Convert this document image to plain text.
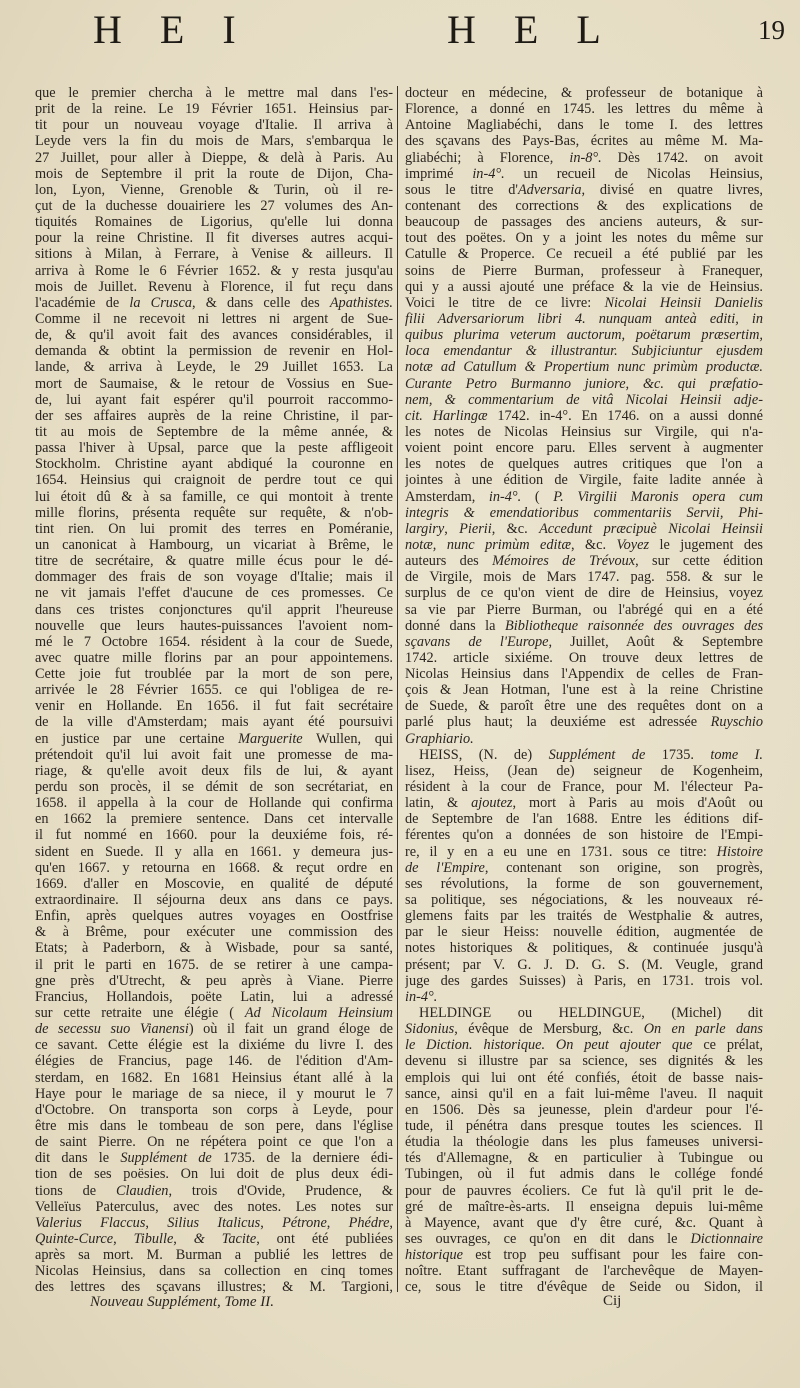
H E I	H E L	19
que le premier chercha à le mettre mal dans l'es-
prit de la reine. Le 19 Février 1651. Heinsius par-
tit pour un nouveau voyage d'Italie. Il arriva à
Leyde vers la fin du mois de Mars, s'embarqua le
27 Juillet, pour aller à Dieppe, & delà à Paris. Au
mois de Septembre il prit la route de Dijon, Cha-
lon, Lyon, Vienne, Grenoble & Turin, où il re-
çut de la duchesse douairiere les 27 volumes des An-
tiquités Romaines de Ligorius, qu'elle lui donna
pour la reine Christine. Il fit diverses autres acqui-
sitions à Milan, à Ferrare, à Venise & ailleurs. Il
arriva à Rome le 6 Février 1652. & y resta jusqu'au
mois de Juillet. Revenu à Florence, il fut reçu dans
l'académie de la Crusca, & dans celle des Apathistes.
Comme il ne recevoit ni lettres ni argent de Sue-
de, & qu'il avoit fait des avances considérables, il
demanda & obtint la permission de revenir en Hol-
lande, & arriva à Leyde, le 29 Juillet 1653. La
mort de Saumaise, & le retour de Vossius en Sue-
de, lui ayant fait espérer qu'il pourroit raccommo-
der ses affaires auprès de la reine Christine, il par-
tit au mois de Septembre de la même année, &
passa l'hiver à Upsal, parce que la peste affligeoit
Stockholm. Christine ayant abdiqué la couronne en
1654. Heinsius qui craignoit de perdre tout ce qui
lui étoit dû & à sa famille, ce qui montoit à trente
mille florins, présenta requête sur requête, & n'ob-
tint rien. On lui promit des terres en Poméranie,
un canonicat à Hambourg, un vicariat à Brême, le
titre de secrétaire, & quatre mille écus pour le dé-
dommager des frais de son voyage d'Italie; mais il
ne vit jamais l'effet d'aucune de ces promesses. Ce
dans ces tristes conjonctures qu'il apprit l'heureuse
nouvelle que leurs hautes-puissances l'avoient nom-
mé le 7 Octobre 1654. résident à la cour de Suede,
avec quatre mille florins par an pour appointemens.
Cette joie fut troublée par la mort de son pere,
arrivée le 28 Février 1655. ce qui l'obligea de re-
venir en Hollande. En 1656. il fut fait secrétaire
de la ville d'Amsterdam; mais ayant été poursuivi
en justice par une certaine Marguerite Wullen, qui
prétendoit qu'il lui avoit fait une promesse de ma-
riage, & qu'elle avoit deux fils de lui, & ayant
perdu son procès, il se démit de son secrétariat, en
1658. il appella à la cour de Hollande qui confirma
en 1662 la premiere sentence. Dans cet intervalle
il fut nommé en 1660. pour la deuxiéme fois, ré-
sident en Suede. Il y alla en 1661. y demeura jus-
qu'en 1667. y retourna en 1668. & reçut ordre en
1669. d'aller en Moscovie, en qualité de député
extraordinaire. Il séjourna deux ans dans ce pays.
Enfin, après quelques autres voyages en Oostfrise
& à Brême, pour exécuter une commission des
Etats; à Paderborn, & à Wisbade, pour sa santé,
il prit le parti en 1675. de se retirer à une campa-
gne près d'Utrecht, & peu après à Viane. Pierre
Francius, Hollandois, poëte Latin, lui a adressé
sur cette retraite une élégie ( Ad Nicolaum Heinsium
de secessu suo Vianensi) où il fait un grand éloge de
ce savant. Cette élégie est la dixiéme du livre I. des
élégies de Francius, page 146. de l'édition d'Am-
sterdam, en 1682. En 1681 Heinsius étant allé à la
Haye pour le mariage de sa niece, il y mourut le 7
d'Octobre. On transporta son corps à Leyde, pour
être mis dans le tombeau de son pere, dans l'église
de saint Pierre. On ne répétera point ce que l'on a
dit dans le Supplément de 1735. de la derniere édi-
tion de ses poësies. On lui doit de plus deux édi-
tions de Claudien, trois d'Ovide, Prudence, &
Velleïus Paterculus, avec des notes. Les notes sur
Valerius Flaccus, Silius Italicus, Pétrone, Phédre,
Quinte-Curce, Tibulle, & Tacite, ont été publiées
après sa mort. M. Burman a publié les lettres de
Nicolas Heinsius, dans sa collection en cinq tomes
des lettres des sçavans illustres; & M. Targioni,
docteur en médecine, & professeur de botanique à
Florence, a donné en 1745. les lettres du même à
Antoine Magliabéchi, dans le tome I. des lettres
des sçavans des Pays-Bas, écrites au même M. Ma-
gliabéchi; à Florence, in-8°. Dès 1742. on avoit
imprimé in-4°. un recueil de Nicolas Heinsius,
sous le titre d'Adversaria, divisé en quatre livres,
contenant des corrections & des explications de
beaucoup de passages des anciens auteurs, & sur-
tout des poëtes. On y a joint les notes du même sur
Catulle & Properce. Ce recueil a été publié par les
soins de Pierre Burman, professeur à Franequer,
qui y a aussi ajouté une préface & la vie de Heinsius.
Voici le titre de ce livre: Nicolai Heinsii Danielis
filii Adversariorum libri 4. nunquam anteà editi, in
quibus plurima veterum auctorum, poëtarum præsertim,
loca emendantur & illustrantur. Subjiciuntur ejusdem
notæ ad Catullum & Propertium nunc primùm productæ.
Curante Petro Burmanno juniore, &c. qui præfatio-
nem, & commentarium de vitâ Nicolai Heinsii adje-
cit. Harlingæ 1742. in-4°. En 1746. on a aussi donné
les notes de Nicolas Heinsius sur Virgile, qui n'a-
voient point encore paru. Elles servent à augmenter
les notes de quelques autres critiques que l'on a
jointes à une édition de Virgile, faite ladite année à
Amsterdam, in-4°. ( P. Virgilii Maronis opera cum
integris & emendatioribus commentariis Servii, Phi-
largiry, Pierii, &c. Accedunt præcipuè Nicolai Heinsii
notæ, nunc primùm editæ, &c. Voyez le jugement des
auteurs des Mémoires de Trévoux, sur cette édition
de Virgile, mois de Mars 1747. pag. 558. & sur le
surplus de ce qu'on vient de dire de Heinsius, voyez
sa vie par Pierre Burman, ou l'abrégé qui en a été
donné dans la Bibliotheque raisonnée des ouvrages des
sçavans de l'Europe, Juillet, Août & Septembre
1742. article sixiéme. On trouve deux lettres de
Nicolas Heinsius dans l'Appendix de celles de Fran-
çois & Jean Hotman, l'une est à la reine Christine
de Suede, & paroît être une des requêtes dont on a
parlé plus haut; la deuxiéme est adressée Ruyschio
Graphiario.
HEISS, (N. de) Supplément de 1735. tome I.
lisez, Heiss, (Jean de) seigneur de Kogenheim,
résident à la cour de France, pour M. l'électeur Pa-
latin, & ajoutez, mort à Paris au mois d'Août ou
de Septembre de l'an 1688. Entre les éditions dif-
férentes qu'on a données de son histoire de l'Empi-
re, il y en a eu une en 1731. sous ce titre: Histoire
de l'Empire, contenant son origine, son progrès,
ses révolutions, la forme de son gouvernement,
sa politique, ses négociations, & les nouveaux ré-
glemens faits par les traités de Westphalie & autres,
par le sieur Heiss: nouvelle édition, augmentée de
notes historiques & politiques, & continuée jusqu'à
présent; par V. G. J. D. G. S. (M. Veugle, grand
juge des gardes Suisses) à Paris, en 1731. trois vol.
in-4°.
HELDINGE ou HELDINGUE, (Michel) dit
Sidonius, évêque de Mersburg, &c. On en parle dans
le Diction. historique. On peut ajouter que ce prélat,
devenu si illustre par sa science, ses dignités & les
emplois qui lui ont été confiés, étoit de basse nais-
sance, ainsi qu'il en a fait lui-même l'aveu. Il naquit
en 1506. Dès sa jeunesse, plein d'ardeur pour l'é-
tude, il pénétra dans presque toutes les sciences. Il
étudia la théologie dans les plus fameuses universi-
tés d'Allemagne, & en particulier à Tubingue ou
Tubingen, où il fut admis dans le collége fondé
pour de pauvres écoliers. Ce fut là qu'il prit le de-
gré de maître-ès-arts. Il enseigna depuis lui-même
à Mayence, avant que d'y être curé, &c. Quant à
ses ouvrages, ce qu'on en dit dans le Dictionnaire
historique est trop peu suffisant pour les faire con-
noître. Etant suffragant de l'archevêque de Mayen-
ce, sous le titre d'évêque de Seide ou Sidon, il
Nouveau Supplément, Tome II.	Cij
